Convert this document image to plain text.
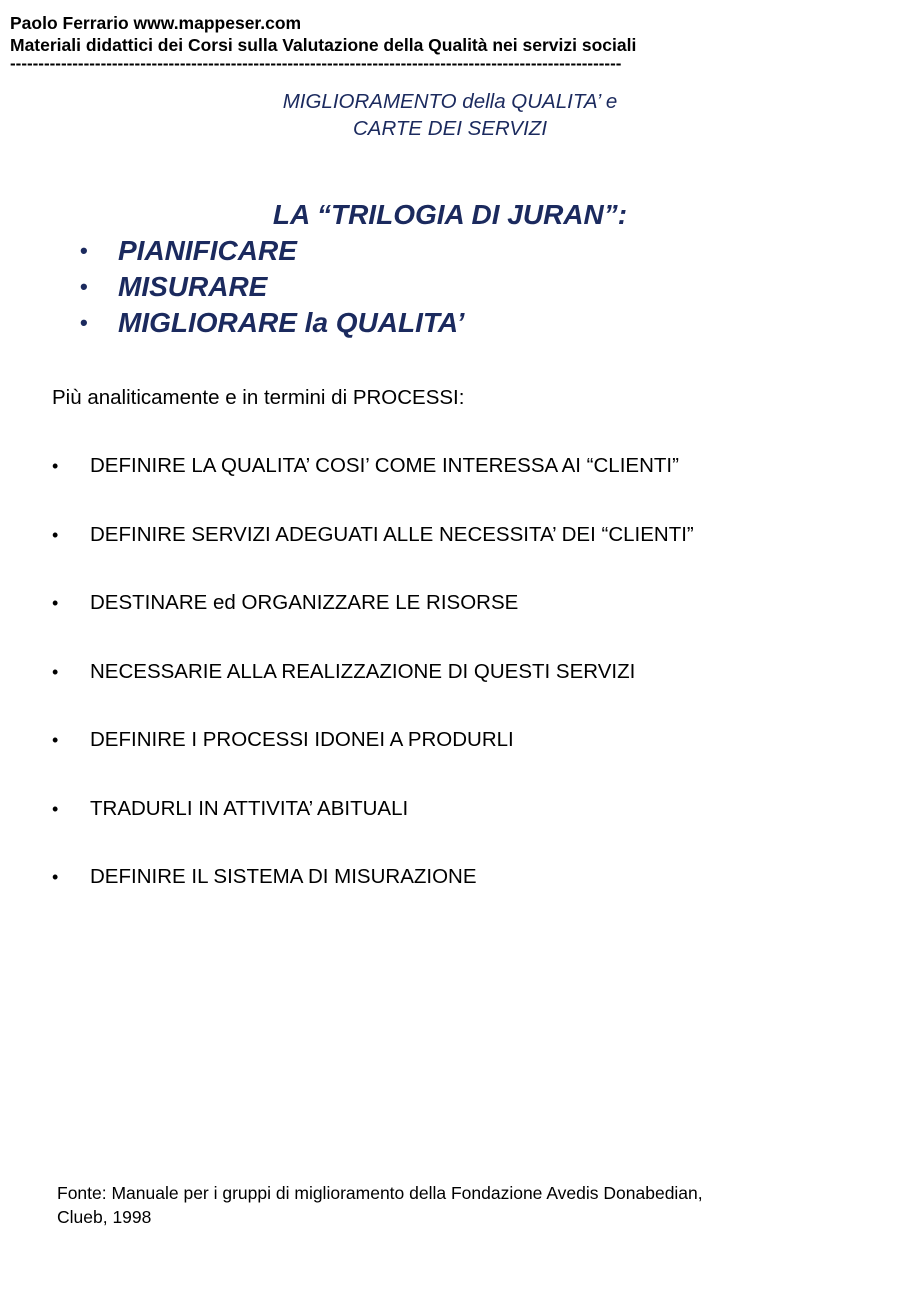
Paolo Ferrario www.mappeser.com
Materiali didattici dei Corsi sulla Valutazione della Qualità nei servizi sociali
------------------------------------------------------------------------------------------------------------
MIGLIORAMENTO della QUALITA’ e
CARTE DEI SERVIZI
LA “TRILOGIA DI JURAN”:
•	PIANIFICARE
•	MISURARE
•	MIGLIORARE la QUALITA’
Più analiticamente e in termini di PROCESSI:
• DEFINIRE LA QUALITA’ COSI’ COME INTERESSA AI “CLIENTI”
• DEFINIRE SERVIZI ADEGUATI ALLE NECESSITA’ DEI “CLIENTI”
• DESTINARE ed ORGANIZZARE LE RISORSE
• NECESSARIE ALLA REALIZZAZIONE DI QUESTI SERVIZI
• DEFINIRE I PROCESSI IDONEI A PRODURLI
• TRADURLI IN ATTIVITA’ ABITUALI
• DEFINIRE IL SISTEMA DI MISURAZIONE
Fonte: Manuale per i gruppi di miglioramento della Fondazione Avedis Donabedian,
Clueb, 1998
